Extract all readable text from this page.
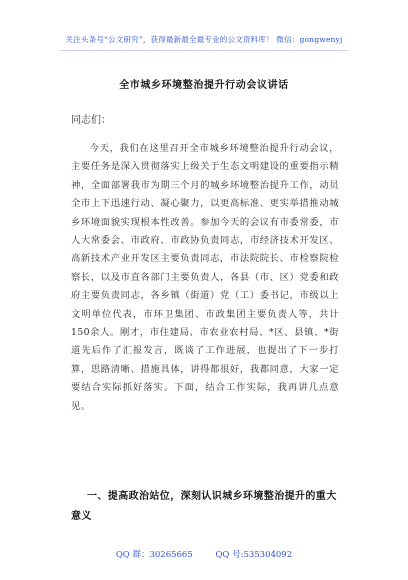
关注头条号“公文研究”，获得最新最全最专业的公文资料库！ 微信：gongwenyj
全市城乡环境整治提升行动会议讲话
同志们：

今天，我们在这里召开全市城乡环境整治提升行动会议，主要任务是深入贯彻落实上级关于生态文明建设的重要指示精神，全面部署我市为期三个月的城乡环境整治提升工作，动员全市上下迅速行动、凝心聚力，以更高标准、更实举措推动城乡环境面貌实现根本性改善。参加今天的会议有市委常委，市人大常委会、市政府、市政协负责同志，市经济技术开发区、高新技术产业开发区主要负责同志，市法院院长、市检察院检察长，以及市直各部门主要负责人，各县（市、区）党委和政府主要负责同志，各乡镇（街道）党（工）委书记，市级以上文明单位代表，市环卫集团、市政集团主要负责人等，共计150余人。刚才，市住建局、市农业农村局、*区、县镇、*街道先后作了汇报发言，既谈了工作进展，也提出了下一步打算，思路清晰、措施具体，讲得都很好，我都同意，大家一定要结合实际抓好落实。下面，结合工作实际，我再讲几点意见。

一、提高政治站位，深刻认识城乡环境整治提升的重大意义

QQ 群：30265665	QQ 号:535304092
